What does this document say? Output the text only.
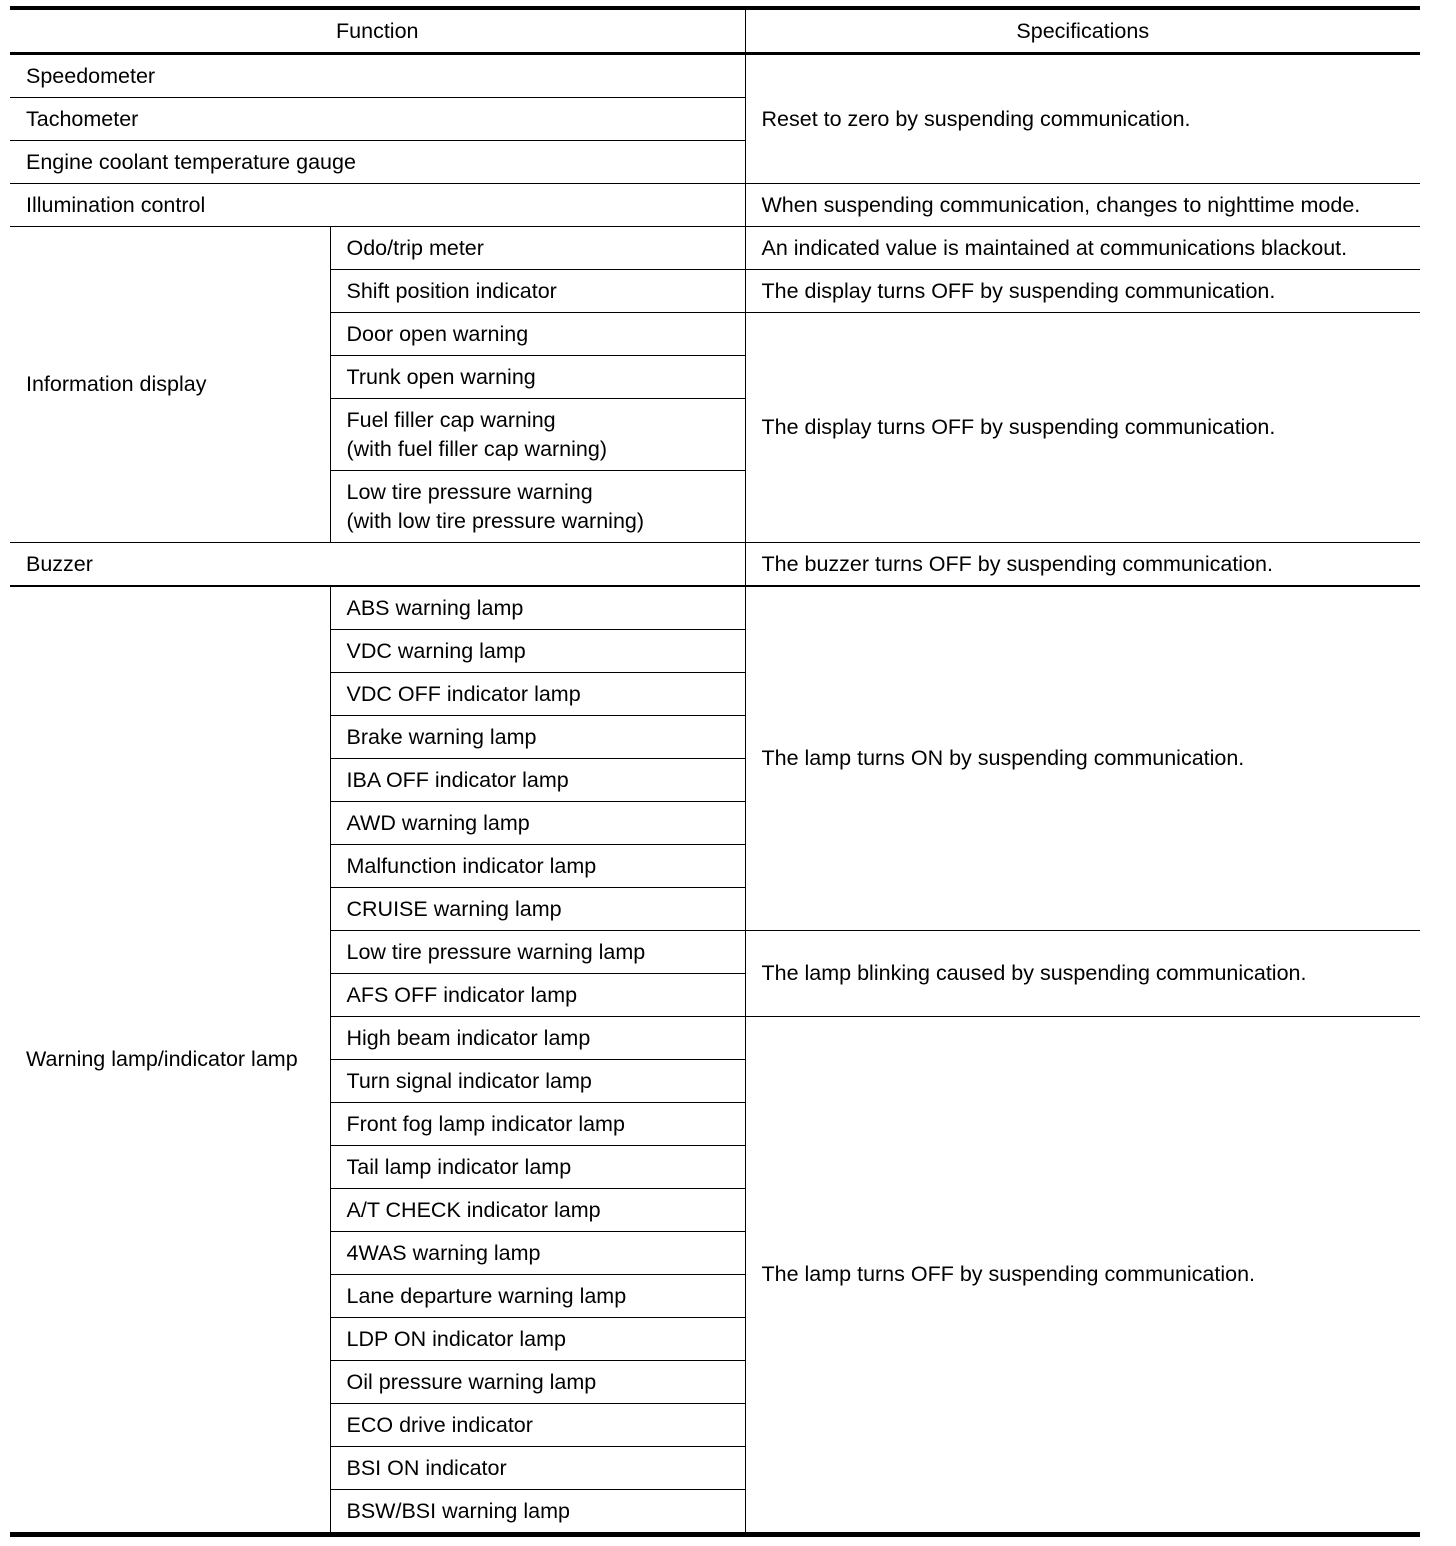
Function		Specifications
Speedometer		Reset to zero by suspending communication.
Tachometer		
Engine coolant temperature gauge		
Illumination control		When suspending communication, changes to nighttime mode.
Information display	Odo/trip meter	An indicated value is maintained at communications blackout.
	Shift position indicator	The display turns OFF by suspending communication.
	Door open warning	The display turns OFF by suspending communication.
	Trunk open warning	
	Fuel filler cap warning
(with fuel filler cap warning)	
	Low tire pressure warning
(with low tire pressure warning)	
Buzzer		The buzzer turns OFF by suspending communication.
Warning lamp/indicator lamp	ABS warning lamp	The lamp turns ON by suspending communication.
	VDC warning lamp	
	VDC OFF indicator lamp	
	Brake warning lamp	
	IBA OFF indicator lamp	
	AWD warning lamp	
	Malfunction indicator lamp	
	CRUISE warning lamp	
	Low tire pressure warning lamp	The lamp blinking caused by suspending communication.
	AFS OFF indicator lamp	
	High beam indicator lamp	The lamp turns OFF by suspending communication.
	Turn signal indicator lamp	
	Front fog lamp indicator lamp	
	Tail lamp indicator lamp	
	A/T CHECK indicator lamp	
	4WAS warning lamp	
	Lane departure warning lamp	
	LDP ON indicator lamp	
	Oil pressure warning lamp	
	ECO drive indicator	
	BSI ON indicator	
	BSW/BSI warning lamp	
